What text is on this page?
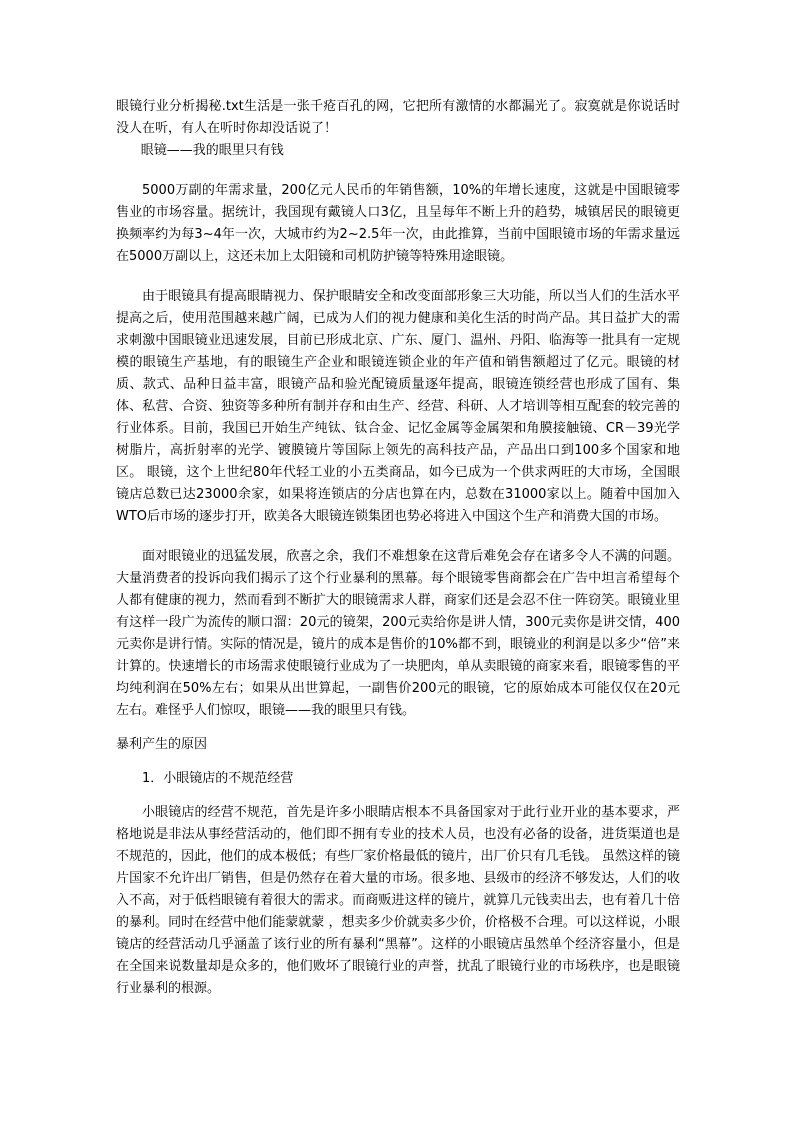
眼镜行业分析揭秘.txt生活是一张千疮百孔的网，它把所有激情的水都漏光了。寂寞就是你说话时没人在听，有人在听时你却没话说了！

眼镜——我的眼里只有钱

5000万副的年需求量，200亿元人民币的年销售额，10%的年增长速度，这就是中国眼镜零售业的市场容量。据统计，我国现有戴镜人口3亿，且呈每年不断上升的趋势，城镇居民的眼镜更换频率约为每3~4年一次，大城市约为2~2.5年一次，由此推算，当前中国眼镜市场的年需求量远在5000万副以上，这还未加上太阳镜和司机防护镜等特殊用途眼镜。

由于眼镜具有提高眼睛视力、保护眼睛安全和改变面部形象三大功能，所以当人们的生活水平提高之后，使用范围越来越广阔，已成为人们的视力健康和美化生活的时尚产品。其日益扩大的需求刺激中国眼镜业迅速发展，目前已形成北京、广东、厦门、温州、丹阳、临海等一批具有一定规模的眼镜生产基地，有的眼镜生产企业和眼镜连锁企业的年产值和销售额超过了亿元。眼镜的材质、款式、品种日益丰富，眼镜产品和验光配镜质量逐年提高，眼镜连锁经营也形成了国有、集体、私营、合资、独资等多种所有制并存和由生产、经营、科研、人才培训等相互配套的较完善的行业体系。目前，我国已开始生产纯钛、钛合金、记忆金属等金属架和角膜接触镜、CR－39光学树脂片，高折射率的光学、镀膜镜片等国际上领先的高科技产品，产品出口到100多个国家和地区。 眼镜，这个上世纪80年代轻工业的小五类商品，如今已成为一个供求两旺的大市场，全国眼镜店总数已达23000余家，如果将连锁店的分店也算在内，总数在31000家以上。随着中国加入WTO后市场的逐步打开，欧美各大眼镜连锁集团也势必将进入中国这个生产和消费大国的市场。

面对眼镜业的迅猛发展，欣喜之余，我们不难想象在这背后难免会存在诸多令人不满的问题。大量消费者的投诉向我们揭示了这个行业暴利的黑幕。每个眼镜零售商都会在广告中坦言希望每个人都有健康的视力，然而看到不断扩大的眼镜需求人群，商家们还是会忍不住一阵窃笑。眼镜业里有这样一段广为流传的顺口溜：20元的镜架，200元卖给你是讲人情，300元卖你是讲交情，400元卖你是讲行情。实际的情况是，镜片的成本是售价的10%都不到，眼镜业的利润是以多少“倍”来计算的。快速增长的市场需求使眼镜行业成为了一块肥肉，单从卖眼镜的商家来看，眼镜零售的平均纯利润在50%左右；如果从出世算起，一副售价200元的眼镜，它的原始成本可能仅仅在20元左右。难怪乎人们惊叹，眼镜——我的眼里只有钱。

暴利产生的原因

1．小眼镜店的不规范经营

小眼镜店的经营不规范，首先是许多小眼睛店根本不具备国家对于此行业开业的基本要求，严格地说是非法从事经营活动的，他们即不拥有专业的技术人员，也没有必备的设备，进货渠道也是不规范的，因此，他们的成本极低；有些厂家价格最低的镜片，出厂价只有几毛钱。 虽然这样的镜片国家不允许出厂销售，但是仍然存在着大量的市场。很多地、县级市的经济不够发达，人们的收入不高，对于低档眼镜有着很大的需求。而商贩进这样的镜片，就算几元钱卖出去，也有着几十倍的暴利。同时在经营中他们能蒙就蒙 ，想卖多少价就卖多少价，价格极不合理。可以这样说，小眼镜店的经营活动几乎涵盖了该行业的所有暴利“黑幕”。这样的小眼镜店虽然单个经济容量小，但是在全国来说数量却是众多的，他们败坏了眼镜行业的声誉，扰乱了眼镜行业的市场秩序，也是眼镜行业暴利的根源。
